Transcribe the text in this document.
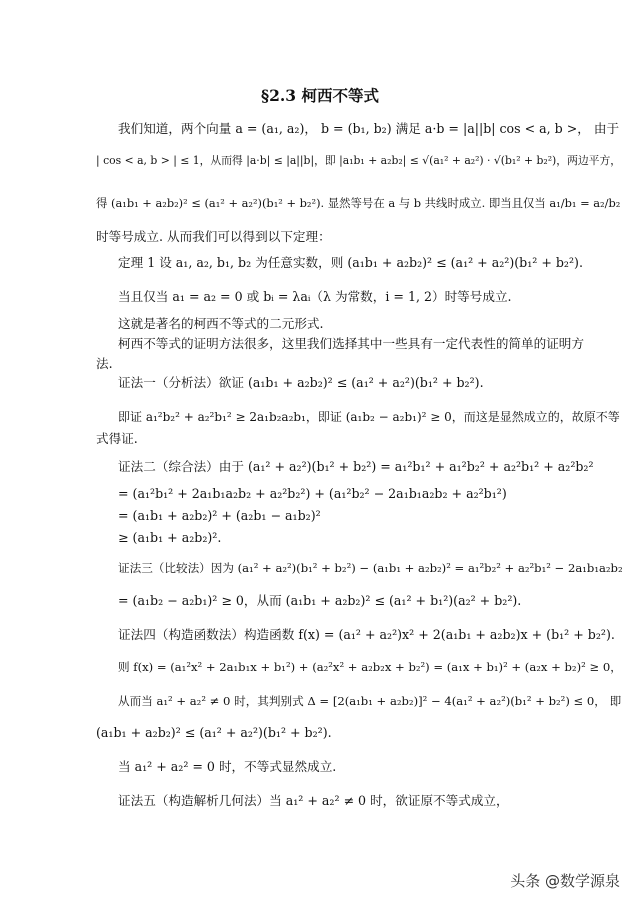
§2.3 柯西不等式
我们知道，两个向量 a = (a₁, a₂)， b = (b₁, b₂) 满足 a·b = |a||b| cos < a, b >， 由于
| cos < a, b > | ≤ 1，从而得 |a·b| ≤ |a||b|，即 |a₁b₁ + a₂b₂| ≤ √(a₁² + a₂²) · √(b₁² + b₂²)，两边平方，
得 (a₁b₁ + a₂b₂)² ≤ (a₁² + a₂²)(b₁² + b₂²). 显然等号在 a 与 b 共线时成立. 即当且仅当 a₁/b₁ = a₂/b₂
时等号成立. 从而我们可以得到以下定理：
定理 1 设 a₁, a₂, b₁, b₂ 为任意实数，则 (a₁b₁ + a₂b₂)² ≤ (a₁² + a₂²)(b₁² + b₂²).
当且仅当 a₁ = a₂ = 0 或 bᵢ = λaᵢ（λ 为常数，i = 1, 2）时等号成立.
这就是著名的柯西不等式的二元形式.
柯西不等式的证明方法很多，这里我们选择其中一些具有一定代表性的简单的证明方
法.
证法一（分析法）欲证 (a₁b₁ + a₂b₂)² ≤ (a₁² + a₂²)(b₁² + b₂²).
即证 a₁²b₂² + a₂²b₁² ≥ 2a₁b₂a₂b₁，即证 (a₁b₂ − a₂b₁)² ≥ 0，而这是显然成立的，故原不等
式得证.
证法二（综合法）由于 (a₁² + a₂²)(b₁² + b₂²) = a₁²b₁² + a₁²b₂² + a₂²b₁² + a₂²b₂²
= (a₁²b₁² + 2a₁b₁a₂b₂ + a₂²b₂²) + (a₁²b₂² − 2a₁b₁a₂b₂ + a₂²b₁²)
= (a₁b₁ + a₂b₂)² + (a₂b₁ − a₁b₂)²
≥ (a₁b₁ + a₂b₂)².
证法三（比较法）因为 (a₁² + a₂²)(b₁² + b₂²) − (a₁b₁ + a₂b₂)² = a₁²b₂² + a₂²b₁² − 2a₁b₁a₂b₂
= (a₁b₂ − a₂b₁)² ≥ 0，从而 (a₁b₁ + a₂b₂)² ≤ (a₁² + b₁²)(a₂² + b₂²).
证法四（构造函数法）构造函数 f(x) = (a₁² + a₂²)x² + 2(a₁b₁ + a₂b₂)x + (b₁² + b₂²).
则 f(x) = (a₁²x² + 2a₁b₁x + b₁²) + (a₂²x² + a₂b₂x + b₂²) = (a₁x + b₁)² + (a₂x + b₂)² ≥ 0，
从而当 a₁² + a₂² ≠ 0 时，其判别式 Δ = [2(a₁b₁ + a₂b₂)]² − 4(a₁² + a₂²)(b₁² + b₂²) ≤ 0， 即
(a₁b₁ + a₂b₂)² ≤ (a₁² + a₂²)(b₁² + b₂²).
当 a₁² + a₂² = 0 时，不等式显然成立.
证法五（构造解析几何法）当 a₁² + a₂² ≠ 0 时，欲证原不等式成立，
头条 @数学源泉
